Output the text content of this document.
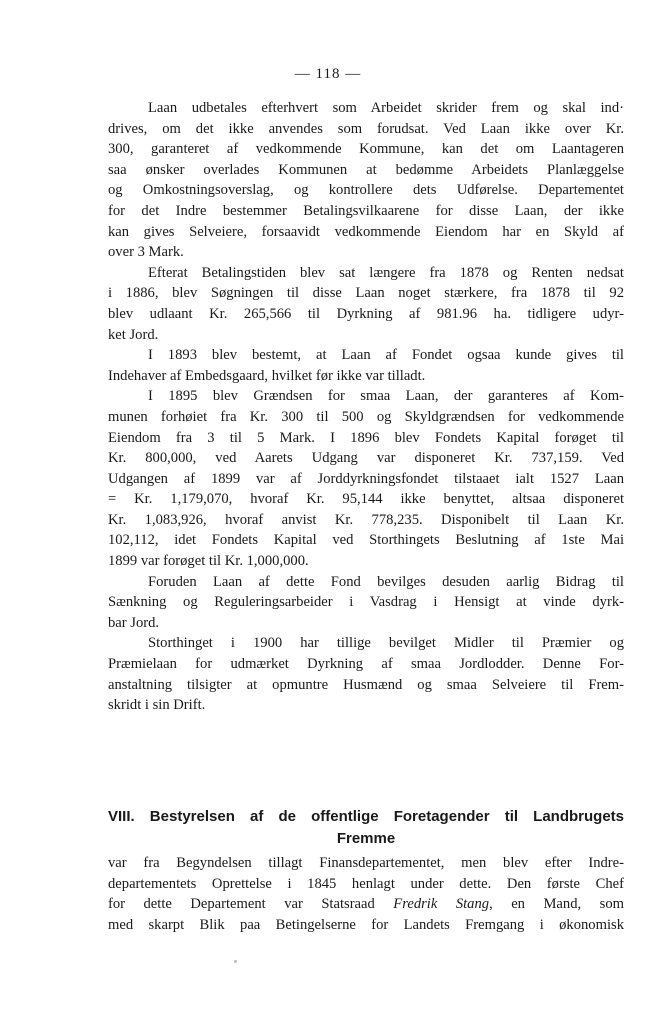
— 118 —
Laan udbetales efterhvert som Arbeidet skrider frem og skal ind·
drives, om det ikke anvendes som forudsat. Ved Laan ikke over Kr.
300, garanteret af vedkommende Kommune, kan det om Laantageren
saa ønsker overlades Kommunen at bedømme Arbeidets Planlæggelse
og Omkostningsoverslag, og kontrollere dets Udførelse. Departementet
for det Indre bestemmer Betalingsvilkaarene for disse Laan, der ikke
kan gives Selveiere, forsaavidt vedkommende Eiendom har en Skyld af
over 3 Mark.
Efterat Betalingstiden blev sat længere fra 1878 og Renten nedsat
i 1886, blev Søgningen til disse Laan noget stærkere, fra 1878 til 92
blev udlaant Kr. 265,566 til Dyrkning af 981.96 ha. tidligere udyr-
ket Jord.
I 1893 blev bestemt, at Laan af Fondet ogsaa kunde gives til
Indehaver af Embedsgaard, hvilket før ikke var tilladt.
I 1895 blev Grændsen for smaa Laan, der garanteres af Kom-
munen forhøiet fra Kr. 300 til 500 og Skyldgrændsen for vedkommende
Eiendom fra 3 til 5 Mark. I 1896 blev Fondets Kapital forøget til
Kr. 800,000, ved Aarets Udgang var disponeret Kr. 737,159. Ved
Udgangen af 1899 var af Jorddyrkningsfondet tilstaaet ialt 1527 Laan
= Kr. 1,179,070, hvoraf Kr. 95,144 ikke benyttet, altsaa disponeret
Kr. 1,083,926, hvoraf anvist Kr. 778,235. Disponibelt til Laan Kr.
102,112, idet Fondets Kapital ved Storthingets Beslutning af 1ste Mai
1899 var forøget til Kr. 1,000,000.
Foruden Laan af dette Fond bevilges desuden aarlig Bidrag til
Sænkning og Reguleringsarbeider i Vasdrag i Hensigt at vinde dyrk-
bar Jord.
Storthinget i 1900 har tillige bevilget Midler til Præmier og
Præmielaan for udmærket Dyrkning af smaa Jordlodder. Denne For-
anstaltning tilsigter at opmuntre Husmænd og smaa Selveiere til Frem-
skridt i sin Drift.
VIII. Bestyrelsen af de offentlige Foretagender til Landbrugets
Fremme
var fra Begyndelsen tillagt Finansdepartementet, men blev efter Indre-
departementets Oprettelse i 1845 henlagt under dette. Den første Chef
for dette Departement var Statsraad Fredrik Stang, en Mand, som
med skarpt Blik paa Betingelserne for Landets Fremgang i økonomisk
